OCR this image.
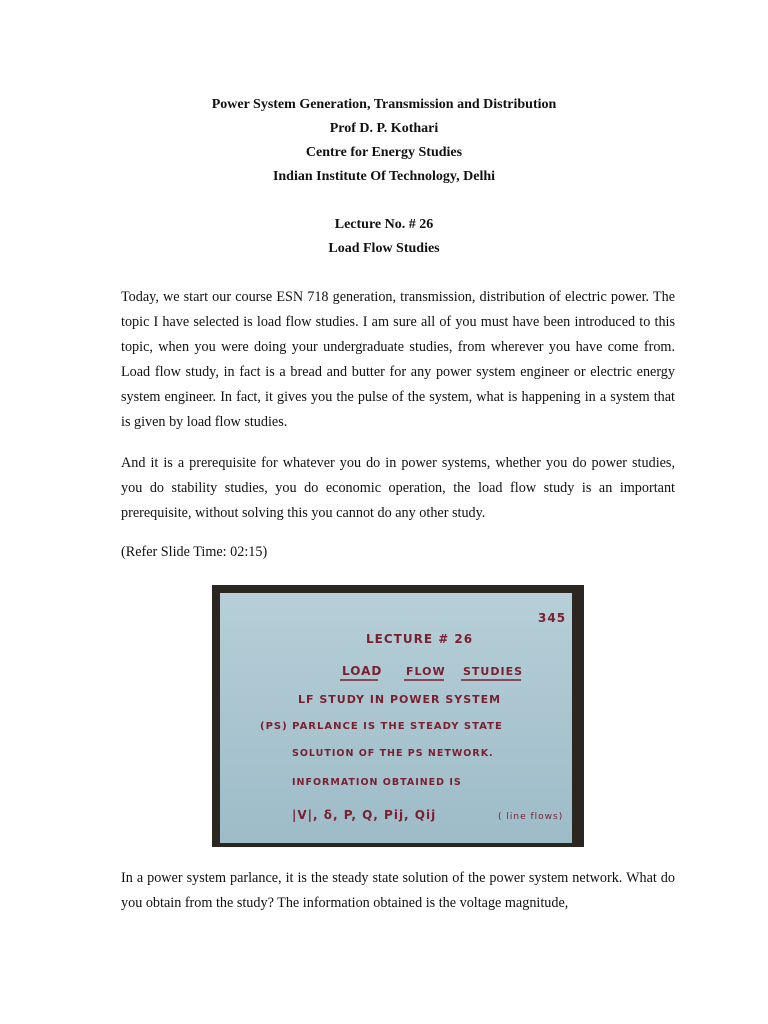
Power System Generation, Transmission and Distribution
Prof D. P. Kothari
Centre for Energy Studies
Indian Institute Of Technology, Delhi
Lecture No. # 26
Load Flow Studies

Today, we start our course ESN 718 generation, transmission, distribution of electric power. The topic I have selected is load flow studies. I am sure all of you must have been introduced to this topic, when you were doing your undergraduate studies, from wherever you have come from. Load flow study, in fact is a bread and butter for any power system engineer or electric energy system engineer. In fact, it gives you the pulse of the system, what is happening in a system that is given by load flow studies.

And it is a prerequisite for whatever you do in power systems, whether you do power studies, you do stability studies, you do economic operation, the load flow study is an important prerequisite, without solving this you cannot do any other study.

(Refer Slide Time: 02:15)

345
LECTURE # 26
LOAD FLOW STUDIES
LF STUDY IN POWER SYSTEM
(PS) PARLANCE IS THE STEADY STATE
SOLUTION OF THE PS NETWORK.
INFORMATION OBTAINED IS
|V|, δ, P, Q, Pij, Qij	( line flows)

In a power system parlance, it is the steady state solution of the power system network. What do you obtain from the study? The information obtained is the voltage magnitude,
